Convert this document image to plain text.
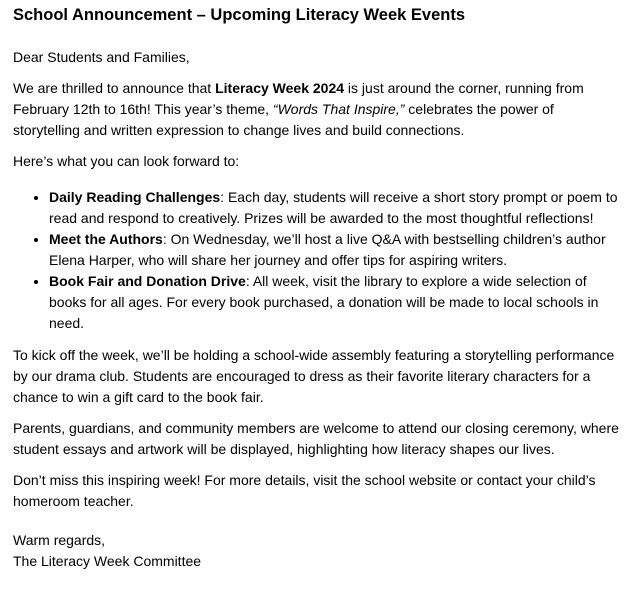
School Announcement – Upcoming Literacy Week Events

Dear Students and Families,

We are thrilled to announce that Literacy Week 2024 is just around the corner, running from February 12th to 16th! This year’s theme, “Words That Inspire,” celebrates the power of storytelling and written expression to change lives and build connections.

Here’s what you can look forward to:

• Daily Reading Challenges: Each day, students will receive a short story prompt or poem to read and respond to creatively. Prizes will be awarded to the most thoughtful reflections!
• Meet the Authors: On Wednesday, we’ll host a live Q&A with bestselling children’s author Elena Harper, who will share her journey and offer tips for aspiring writers.
• Book Fair and Donation Drive: All week, visit the library to explore a wide selection of books for all ages. For every book purchased, a donation will be made to local schools in need.

To kick off the week, we’ll be holding a school-wide assembly featuring a storytelling performance by our drama club. Students are encouraged to dress as their favorite literary characters for a chance to win a gift card to the book fair.

Parents, guardians, and community members are welcome to attend our closing ceremony, where student essays and artwork will be displayed, highlighting how literacy shapes our lives.

Don’t miss this inspiring week! For more details, visit the school website or contact your child’s homeroom teacher.

Warm regards,
The Literacy Week Committee
